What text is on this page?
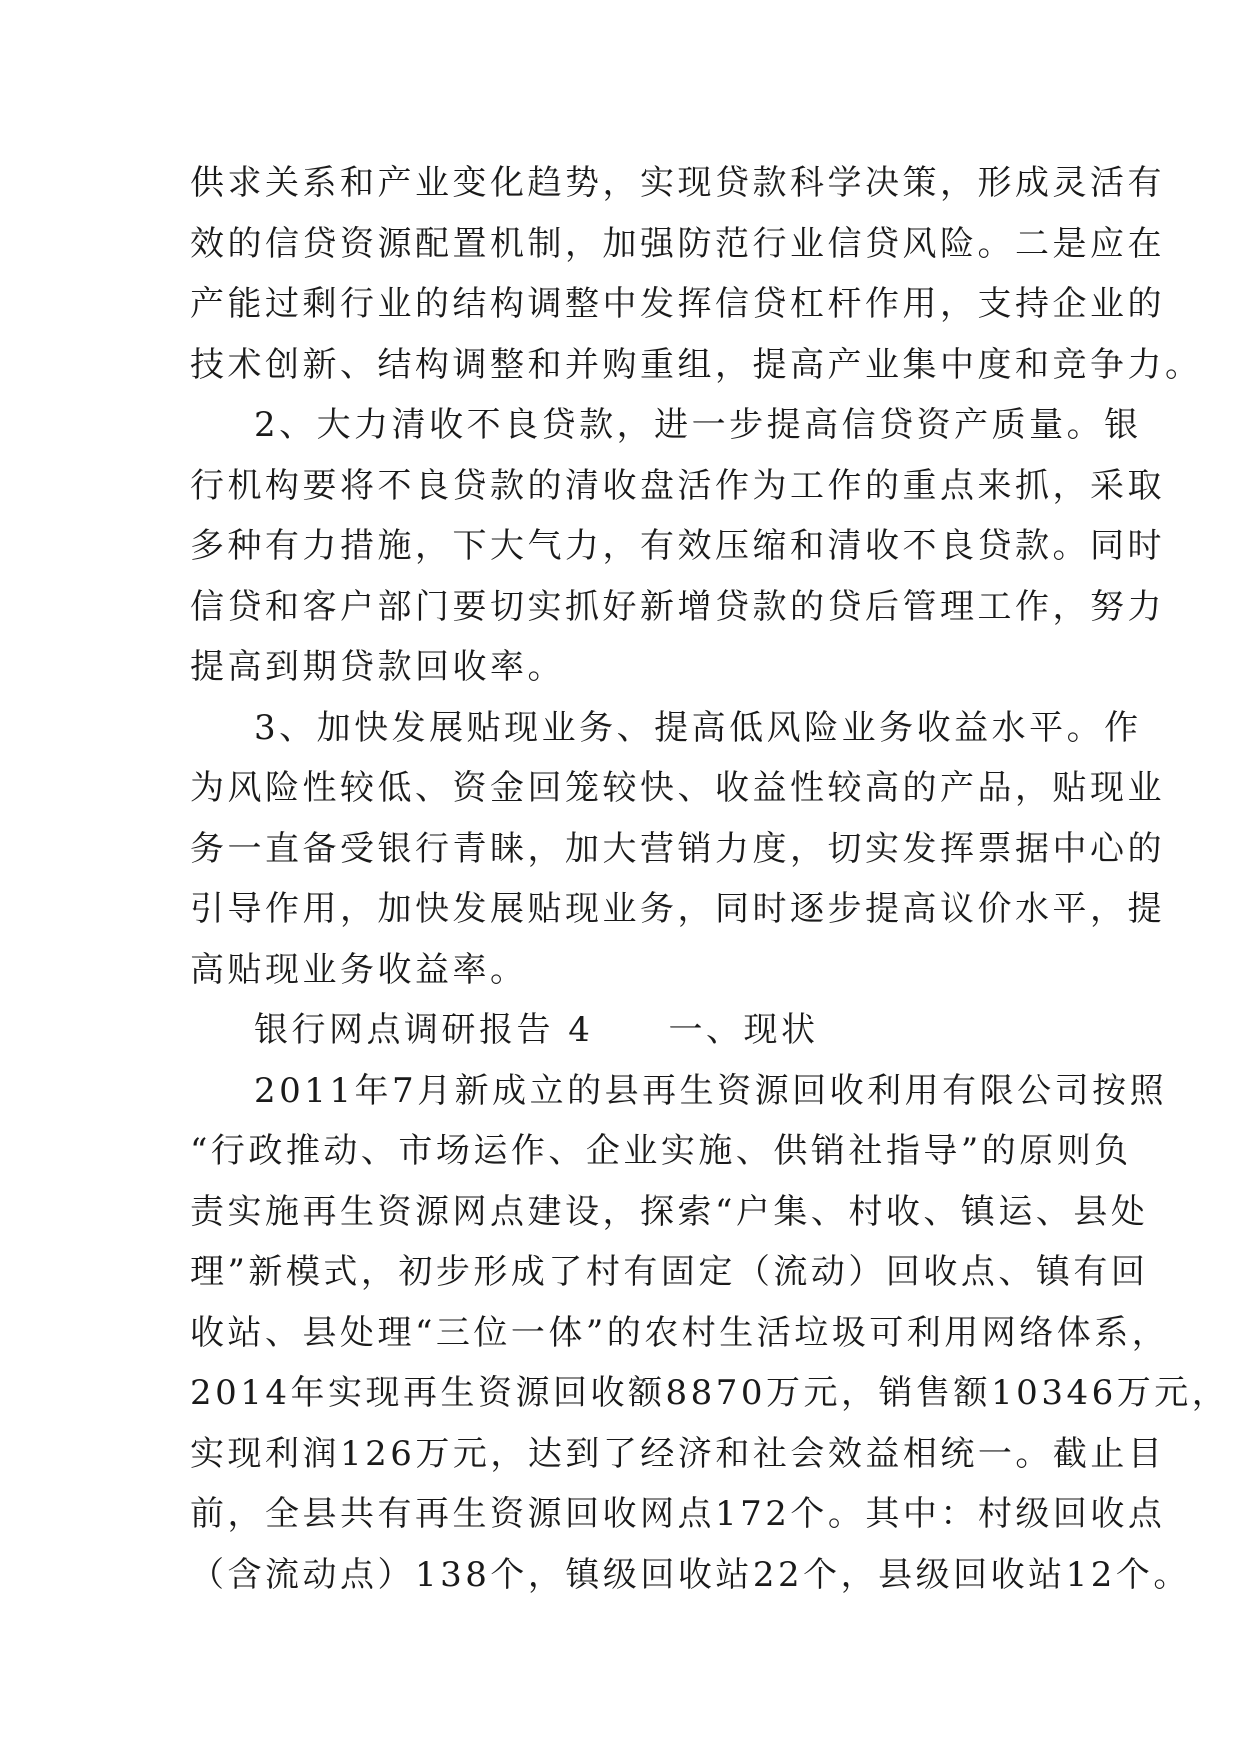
供求关系和产业变化趋势，实现贷款科学决策，形成灵活有
效的信贷资源配置机制，加强防范行业信贷风险。二是应在
产能过剩行业的结构调整中发挥信贷杠杆作用，支持企业的
技术创新、结构调整和并购重组，提高产业集中度和竞争力。
2、大力清收不良贷款，进一步提高信贷资产质量。银
行机构要将不良贷款的清收盘活作为工作的重点来抓，采取
多种有力措施，下大气力，有效压缩和清收不良贷款。同时
信贷和客户部门要切实抓好新增贷款的贷后管理工作，努力
提高到期贷款回收率。
3、加快发展贴现业务、提高低风险业务收益水平。作
为风险性较低、资金回笼较快、收益性较高的产品，贴现业
务一直备受银行青睐，加大营销力度，切实发挥票据中心的
引导作用，加快发展贴现业务，同时逐步提高议价水平，提
高贴现业务收益率。
银行网点调研报告 4　　一、现状
2011年7月新成立的县再生资源回收利用有限公司按照
“行政推动、市场运作、企业实施、供销社指导”的原则负
责实施再生资源网点建设，探索“户集、村收、镇运、县处
理”新模式，初步形成了村有固定（流动）回收点、镇有回
收站、县处理“三位一体”的农村生活垃圾可利用网络体系，
2014年实现再生资源回收额8870万元，销售额10346万元，
实现利润126万元，达到了经济和社会效益相统一。截止目
前，全县共有再生资源回收网点172个。其中：村级回收点
（含流动点）138个，镇级回收站22个，县级回收站12个。
